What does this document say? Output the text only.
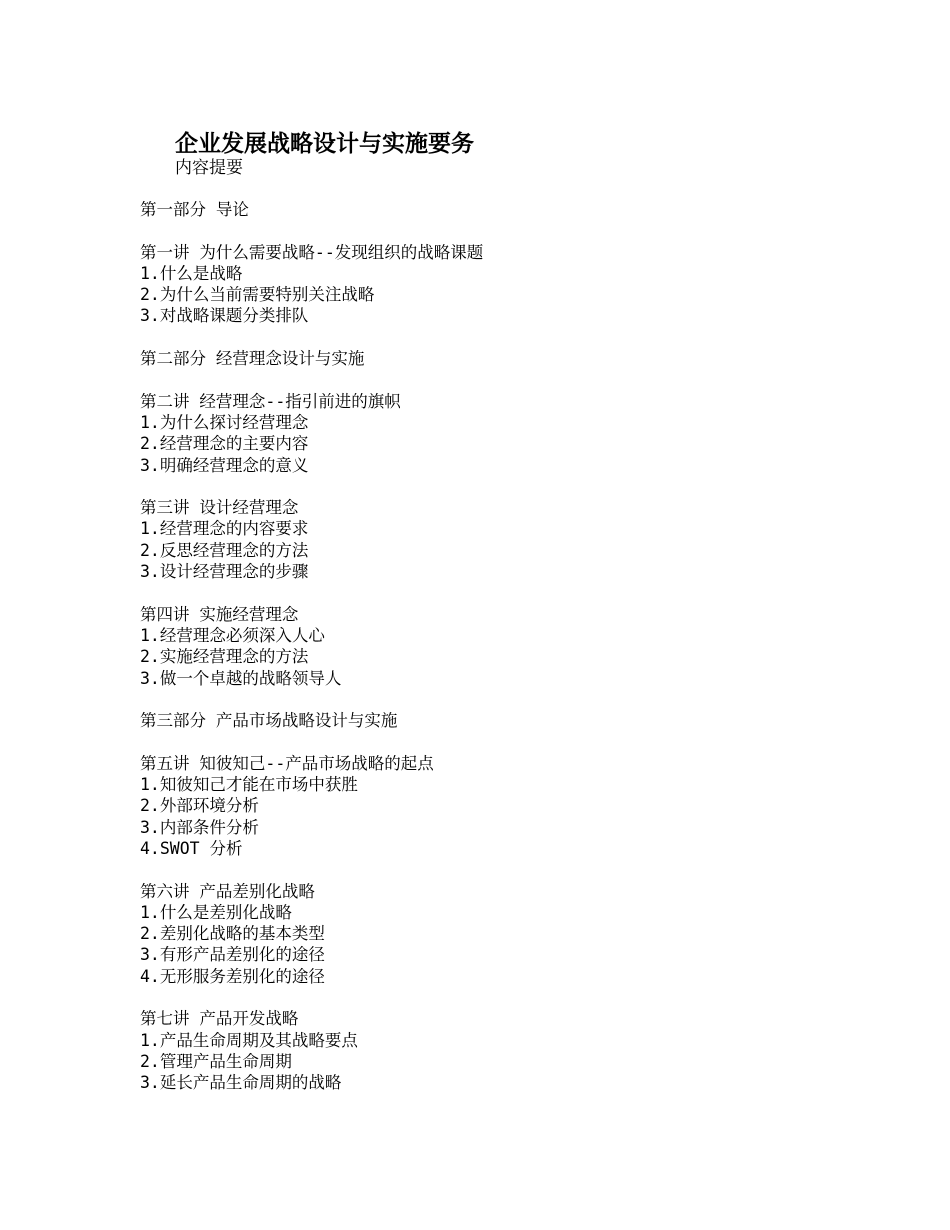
企业发展战略设计与实施要务
内容提要
第一部分 导论
第一讲 为什么需要战略--发现组织的战略课题
1.什么是战略
2.为什么当前需要特别关注战略
3.对战略课题分类排队
第二部分 经营理念设计与实施
第二讲 经营理念--指引前进的旗帜
1.为什么探讨经营理念
2.经营理念的主要内容
3.明确经营理念的意义
第三讲 设计经营理念
1.经营理念的内容要求
2.反思经营理念的方法
3.设计经营理念的步骤
第四讲 实施经营理念
1.经营理念必须深入人心
2.实施经营理念的方法
3.做一个卓越的战略领导人
第三部分 产品市场战略设计与实施
第五讲 知彼知己--产品市场战略的起点
1.知彼知己才能在市场中获胜
2.外部环境分析
3.内部条件分析
4.SWOT 分析
第六讲 产品差别化战略
1.什么是差别化战略
2.差别化战略的基本类型
3.有形产品差别化的途径
4.无形服务差别化的途径
第七讲 产品开发战略
1.产品生命周期及其战略要点
2.管理产品生命周期
3.延长产品生命周期的战略
